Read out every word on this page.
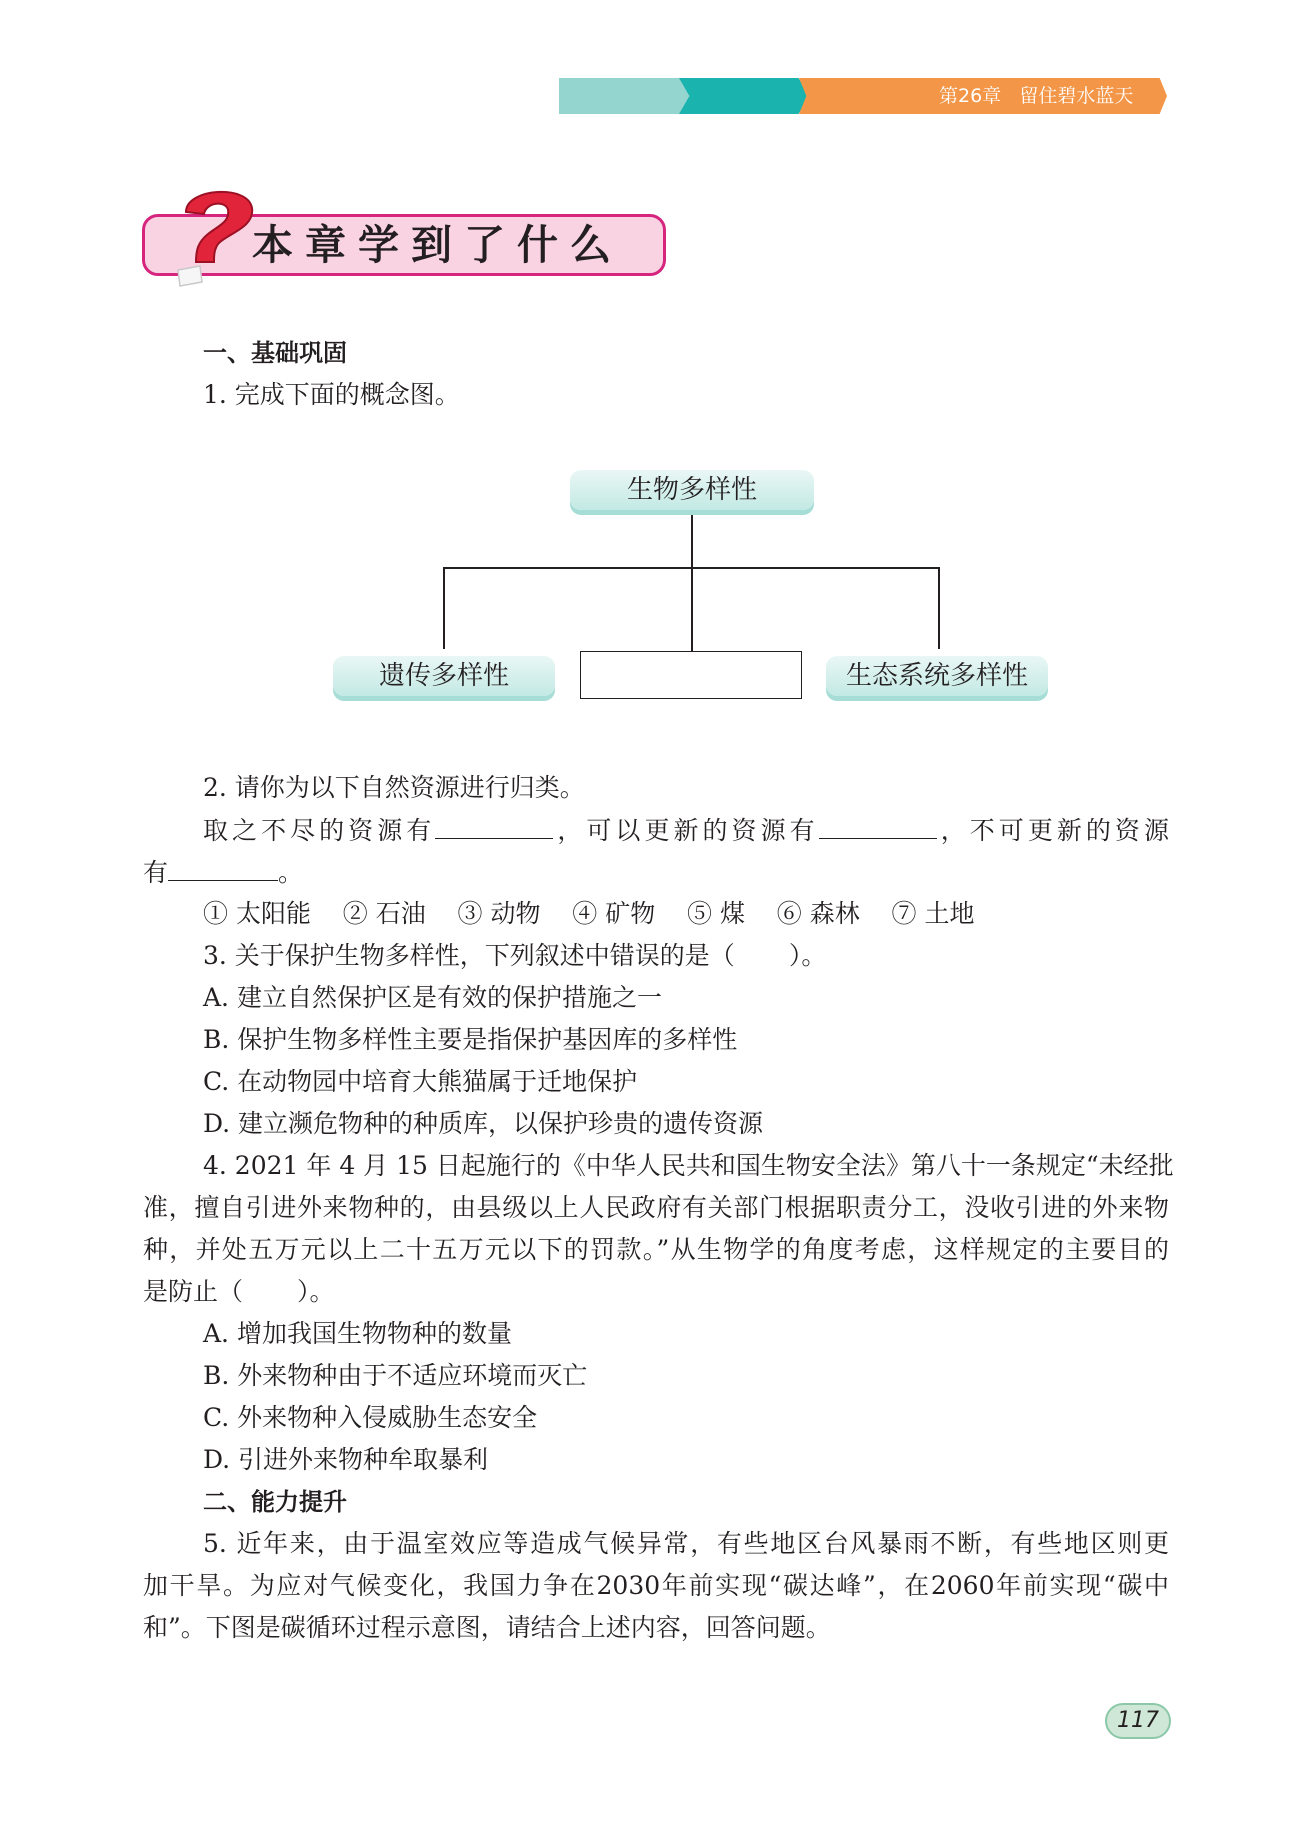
第26章 留住碧水蓝天
本章学到了什么
一、基础巩固
1. 完成下面的概念图。
生物多样性
遗传多样性	生态系统多样性
2. 请你为以下自然资源进行归类。
取之不尽的资源有	，可以更新的资源有	，不可更新的资源
有	。
① 太阳能 ② 石油 ③ 动物 ④ 矿物 ⑤ 煤 ⑥ 森林 ⑦ 土地
3. 关于保护生物多样性，下列叙述中错误的是（ ）。
A. 建立自然保护区是有效的保护措施之一
B. 保护生物多样性主要是指保护基因库的多样性
C. 在动物园中培育大熊猫属于迁地保护
D. 建立濒危物种的种质库，以保护珍贵的遗传资源
4. 2021 年 4 月 15 日起施行的《中华人民共和国生物安全法》第八十一条规定“未经批
准，擅自引进外来物种的，由县级以上人民政府有关部门根据职责分工，没收引进的外来物
种，并处五万元以上二十五万元以下的罚款。”从生物学的角度考虑，这样规定的主要目的
是防止（ ）。
A. 增加我国生物物种的数量
B. 外来物种由于不适应环境而灭亡
C. 外来物种入侵威胁生态安全
D. 引进外来物种牟取暴利
二、能力提升
5. 近年来，由于温室效应等造成气候异常，有些地区台风暴雨不断，有些地区则更
加干旱。为应对气候变化，我国力争在2030年前实现“碳达峰”，在2060年前实现“碳中
和”。下图是碳循环过程示意图，请结合上述内容，回答问题。
117
